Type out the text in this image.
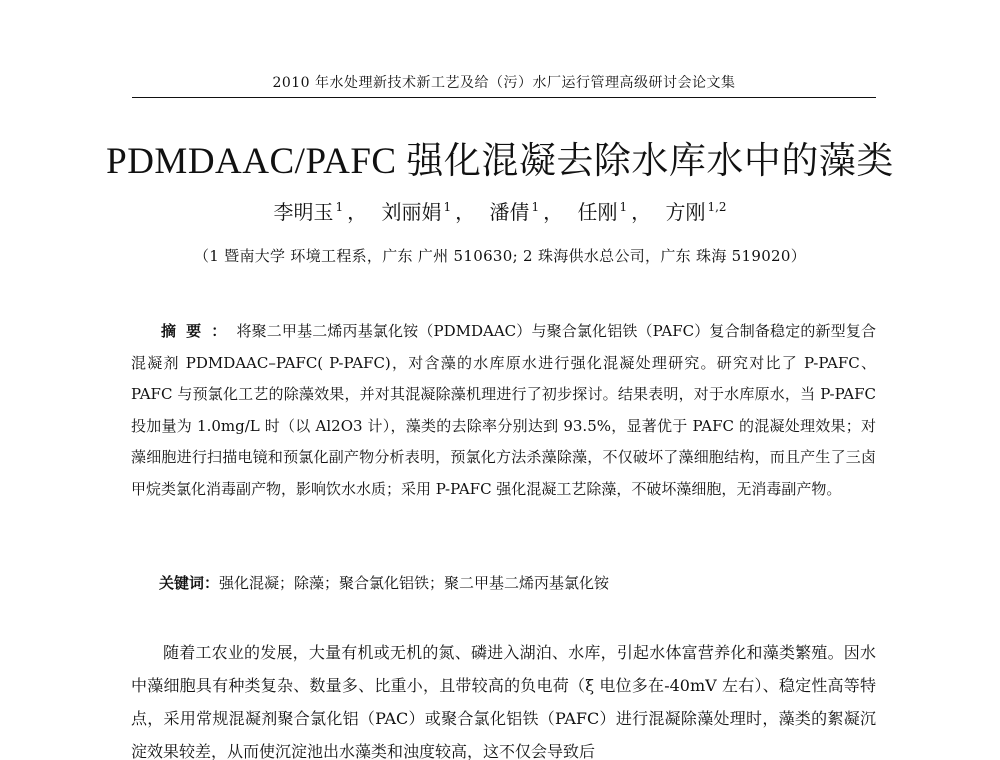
2010 年水处理新技术新工艺及给（污）水厂运行管理高级研讨会论文集
PDMDAAC/PAFC 强化混凝去除水库水中的藻类
李明玉 $^1$ ， 刘丽娟 $^1$ ， 潘倩 $^1$ ， 任刚 $^1$ ， 方刚 $^{1,2}$
（1 暨南大学 环境工程系，广东 广州 510630; 2 珠海供水总公司，广东 珠海 519020）
摘要：将聚二甲基二烯丙基氯化铵（PDMDAAC）与聚合氯化铝铁（PAFC）复合制备稳定的新型复合混凝剂 PDMDAAC–PAFC( P-PAFC)，对含藻的水库原水进行强化混凝处理研究。研究对比了 P-PAFC、PAFC 与预氯化工艺的除藻效果，并对其混凝除藻机理进行了初步探讨。结果表明，对于水库原水，当 P-PAFC 投加量为 1.0mg/L 时（以 Al2O3 计），藻类的去除率分别达到 93.5%，显著优于 PAFC 的混凝处理效果；对藻细胞进行扫描电镜和预氯化副产物分析表明，预氯化方法杀藻除藻，不仅破坏了藻细胞结构，而且产生了三卤甲烷类氯化消毒副产物，影响饮水水质；采用 P-PAFC 强化混凝工艺除藻，不破坏藻细胞，无消毒副产物。
关键词：强化混凝；除藻；聚合氯化铝铁；聚二甲基二烯丙基氯化铵
随着工农业的发展，大量有机或无机的氮、磷进入湖泊、水库，引起水体富营养化和藻类繁殖。因水中藻细胞具有种类复杂、数量多、比重小，且带较高的负电荷（ξ 电位多在-40mV 左右）、稳定性高等特点，采用常规混凝剂聚合氯化铝（PAC）或聚合氯化铝铁（PAFC）进行混凝除藻处理时，藻类的絮凝沉淀效果较差，从而使沉淀池出水藻类和浊度较高，这不仅会导致后
